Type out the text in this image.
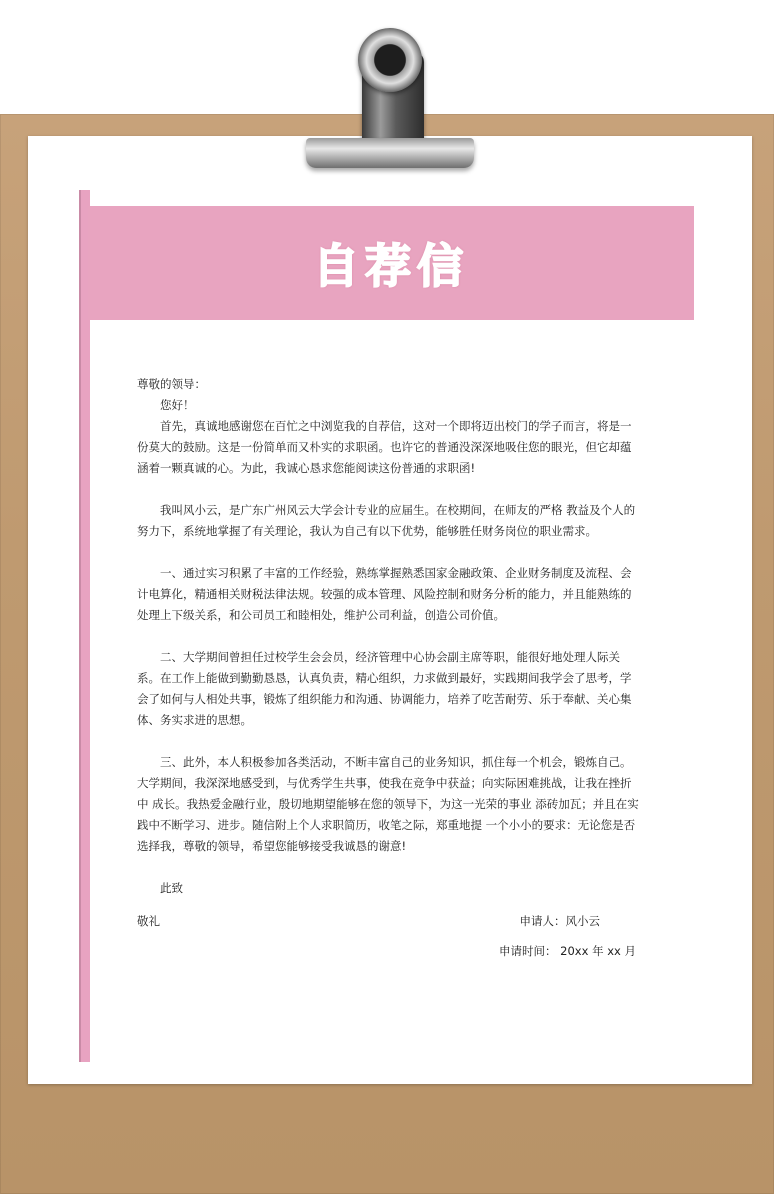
自荐信

尊敬的领导：

您好！

首先，真诚地感谢您在百忙之中浏览我的自荐信，这对一个即将迈出校门的学子而言，将是一份莫大的鼓励。这是一份简单而又朴实的求职函。也许它的普通没深深地吸住您的眼光，但它却蕴涵着一颗真诚的心。为此，我诚心恳求您能阅读这份普通的求职函!

我叫风小云，是广东广州风云大学会计专业的应届生。在校期间，在师友的严格 教益及个人的努力下，系统地掌握了有关理论，我认为自己有以下优势，能够胜任财务岗位的职业需求。

一、通过实习积累了丰富的工作经验，熟练掌握熟悉国家金融政策、企业财务制度及流程、会计电算化，精通相关财税法律法规。较强的成本管理、风险控制和财务分析的能力，并且能熟练的处理上下级关系，和公司员工和睦相处，维护公司利益，创造公司价值。

二、大学期间曾担任过校学生会会员，经济管理中心协会副主席等职，能很好地处理人际关系。在工作上能做到勤勤恳恳，认真负责，精心组织，力求做到最好，实践期间我学会了思考，学会了如何与人相处共事，锻炼了组织能力和沟通、协调能力，培养了吃苦耐劳、乐于奉献、关心集体、务实求进的思想。

三、此外，本人积极参加各类活动，不断丰富自己的业务知识，抓住每一个机会，锻炼自己。大学期间，我深深地感受到，与优秀学生共事，使我在竞争中获益；向实际困难挑战，让我在挫折中 成长。我热爱金融行业，殷切地期望能够在您的领导下，为这一光荣的事业 添砖加瓦；并且在实践中不断学习、进步。随信附上个人求职简历，收笔之际，郑重地提 一个小小的要求：无论您是否选择我，尊敬的领导，希望您能够接受我诚恳的谢意!

此致

敬礼	申请人：风小云
申请时间： 20xx 年 xx 月
